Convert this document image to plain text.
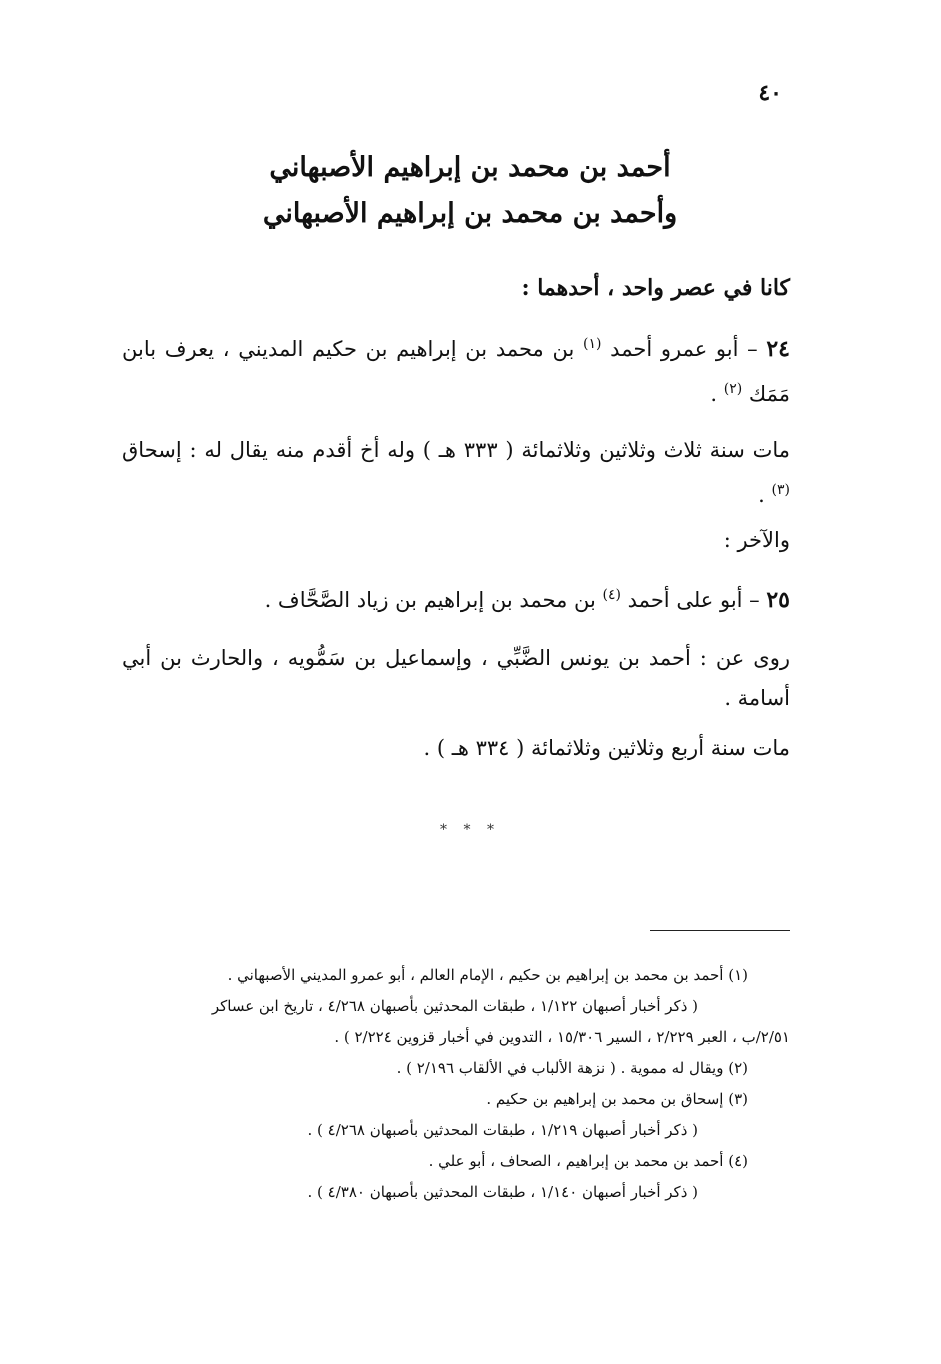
٤٠
أحمد بن محمد بن إبراهيم الأصبهاني
وأحمد بن محمد بن إبراهيم الأصبهاني
كانا في عصر واحد ، أحدهما :
٢٤ – أبو عمرو أحمد $^{(١)}$ بن محمد بن إبراهيم بن حكيم المديني ، يعرف بابن مَمَك $^{(٢)}$ .
مات سنة ثلاث وثلاثين وثلاثمائة ( ٣٣٣ هـ ) وله أخ أقدم منه يقال له : إسحاق $^{(٣)}$ .
والآخر :
٢٥ – أبو على أحمد $^{(٤)}$ بن محمد بن إبراهيم بن زياد الصَّحَّاف .
روى عن : أحمد بن يونس الضَّبِّي ، وإسماعيل بن سَمُّويه ، والحارث بن أبي أسامة .
مات سنة أربع وثلاثين وثلاثمائة ( ٣٣٤ هـ ) .
* * *
(١) أحمد بن محمد بن إبراهيم بن حكيم ، الإمام العالم ، أبو عمرو المديني الأصبهاني .
( ذكر أخبار أصبهان ١/١٢٢ ، طبقات المحدثين بأصبهان ٤/٢٦٨ ، تاريخ ابن عساكر
٢/٥١/ب ، العبر ٢/٢٢٩ ، السير ١٥/٣٠٦ ، التدوين في أخبار قزوين ٢/٢٢٤ ) .
(٢) ويقال له مموية . ( نزهة الألباب في الألقاب ٢/١٩٦ ) .
(٣) إسحاق بن محمد بن إبراهيم بن حكيم .
( ذكر أخبار أصبهان ١/٢١٩ ، طبقات المحدثين بأصبهان ٤/٢٦٨ ) .
(٤) أحمد بن محمد بن إبراهيم ، الصحاف ، أبو علي .
( ذكر أخبار أصبهان ١/١٤٠ ، طبقات المحدثين بأصبهان ٤/٣٨٠ ) .
